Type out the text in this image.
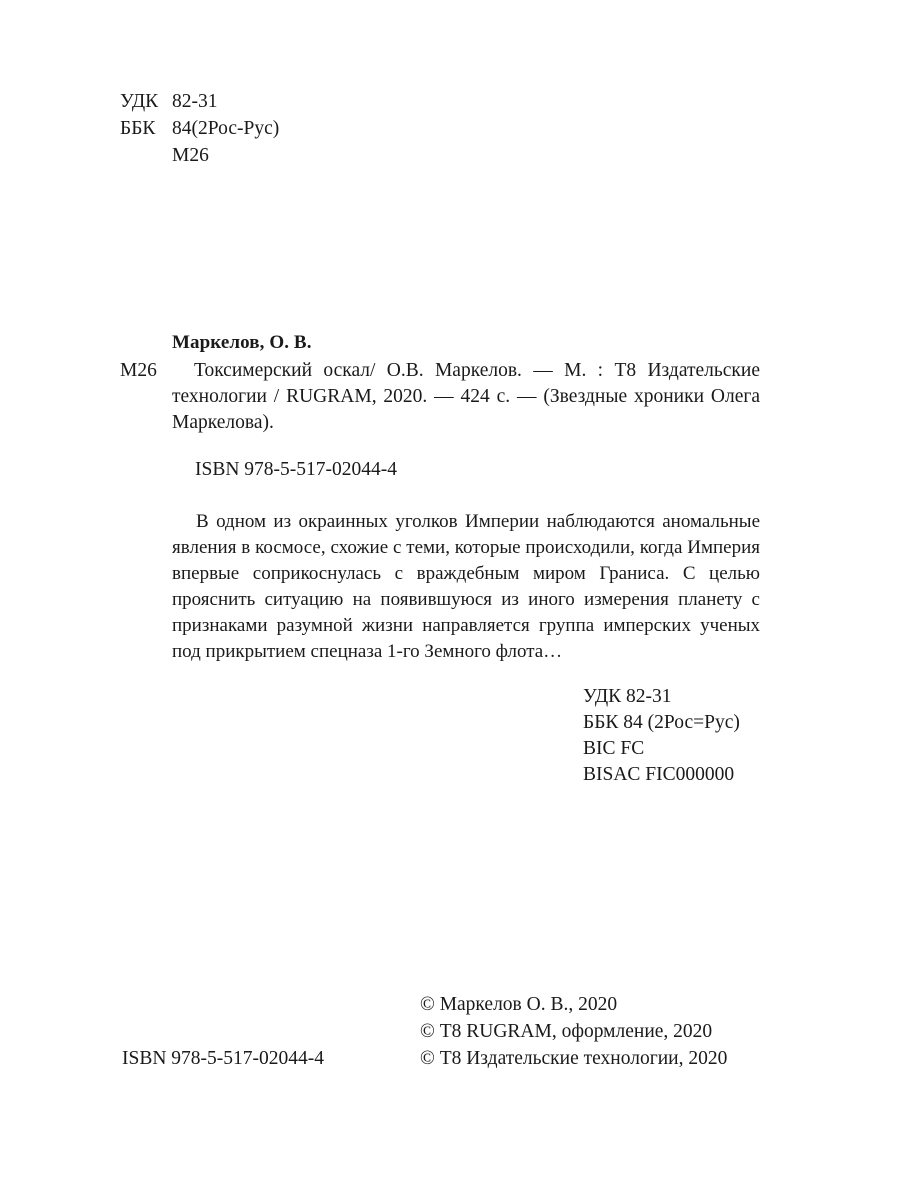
УДК 82-31
ББК 84(2Рос-Рус)
М26
Маркелов, О. В.
М26	Токсимерский оскал/ О.В. Маркелов. — М. : Т8 Издательские технологии / RUGRAM, 2020. — 424 с. — (Звездные хроники Олега Маркелова).
ISBN 978-5-517-02044-4
В одном из окраинных уголков Империи наблюдаются аномальные явления в космосе, схожие с теми, которые происходили, когда Империя впервые соприкоснулась с враждебным миром Граниса. С целью прояснить ситуацию на появившуюся из иного измерения планету с признаками разумной жизни направляется группа имперских ученых под прикрытием спецназа 1-го Земного флота…
УДК 82-31
ББК 84 (2Рос=Рус)
BIC FC
BISAC FIC000000
© Маркелов О. В., 2020
© Т8 RUGRAM, оформление, 2020
© Т8 Издательские технологии, 2020
ISBN 978-5-517-02044-4
